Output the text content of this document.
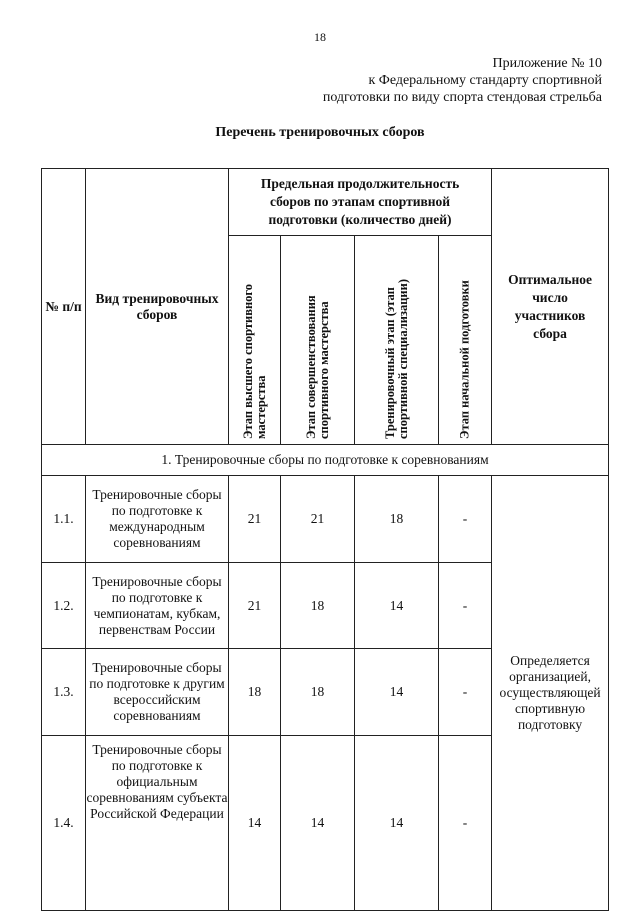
18
Приложение № 10
к Федеральному стандарту спортивной
подготовки по виду спорта стендовая стрельба
Перечень тренировочных сборов
№ п/п	Вид тренировочных сборов	Предельная продолжительность сборов по этапам спортивной подготовки (количество дней)				Оптимальное число участников сбора

		Этап высшего спортивного мастерства	Этап совершенствования спортивного мастерства	Тренировочный этап (этап спортивной специализации)	Этап начальной подготовки	

1. Тренировочные сборы по подготовке к соревнованиям						
1.1.	Тренировочные сборы по подготовке к международным соревнованиям	21	21	18	-	Определяется организацией, осуществляющей спортивную подготовку
1.2.	Тренировочные сборы по подготовке к чемпионатам, кубкам, первенствам России	21	18	14	-	
1.3.	Тренировочные сборы по подготовке к другим всероссийским соревнованиям	18	18	14	-	
1.4.	Тренировочные сборы по подготовке к официальным соревнованиям субъекта Российской Федерации	14	14	14	-	
